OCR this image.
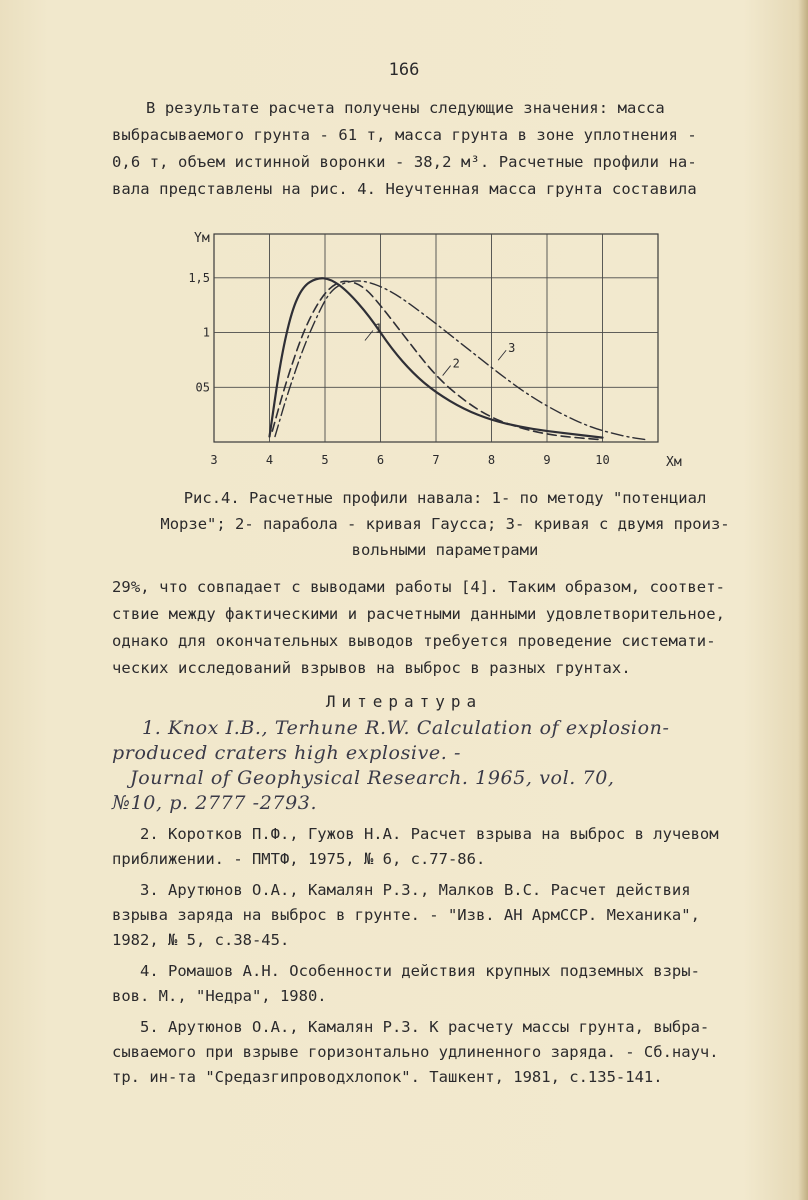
166

В результате расчета получены следующие значения: масса
выбрасываемого грунта - 61 т, масса грунта в зоне уплотнения -
0,6 т, объем истинной воронки - 38,2 м³. Расчетные профили на-
вала представлены на рис. 4. Неучтенная масса грунта составила

3	4	5	6	7	8	9	10
05
1
1,5
1
2
3
Xм
Yм
Рис.4. Расчетные профили навала: 1- по методу "потенциал
Морзе"; 2- парабола - кривая Гаусса; 3- кривая с двумя произ-
вольными параметрами

29%, что совпадает с выводами работы [4]. Таким образом, соответ-
ствие между фактическими и расчетными данными удовлетворительное,
однако для окончательных выводов требуется проведение системати-
ческих исследований взрывов на выброс в разных грунтах.

Литература
1. Knox I.B., Terhune R.W. Calculation of explosion-
produced craters high explosive. -
Journal of Geophysical Research. 1965, vol. 70,
№10, p. 2777 -2793.
2. Коротков П.Ф., Гужов Н.А. Расчет взрыва на выброс в лучевом
приближении. - ПМТФ, 1975, № 6, с.77-86.
3. Арутюнов О.А., Камалян Р.З., Малков В.С. Расчет действия
взрыва заряда на выброс в грунте. - "Изв. АН АрмССР. Механика",
1982, № 5, с.38-45.
4. Ромашов А.Н. Особенности действия крупных подземных взры-
вов. М., "Недра", 1980.
5. Арутюнов О.А., Камалян Р.З. К расчету массы грунта, выбра-
сываемого при взрыве горизонтально удлиненного заряда. - Сб.науч.
тр. ин-та "Средазгипроводхлопок". Ташкент, 1981, с.135-141.
